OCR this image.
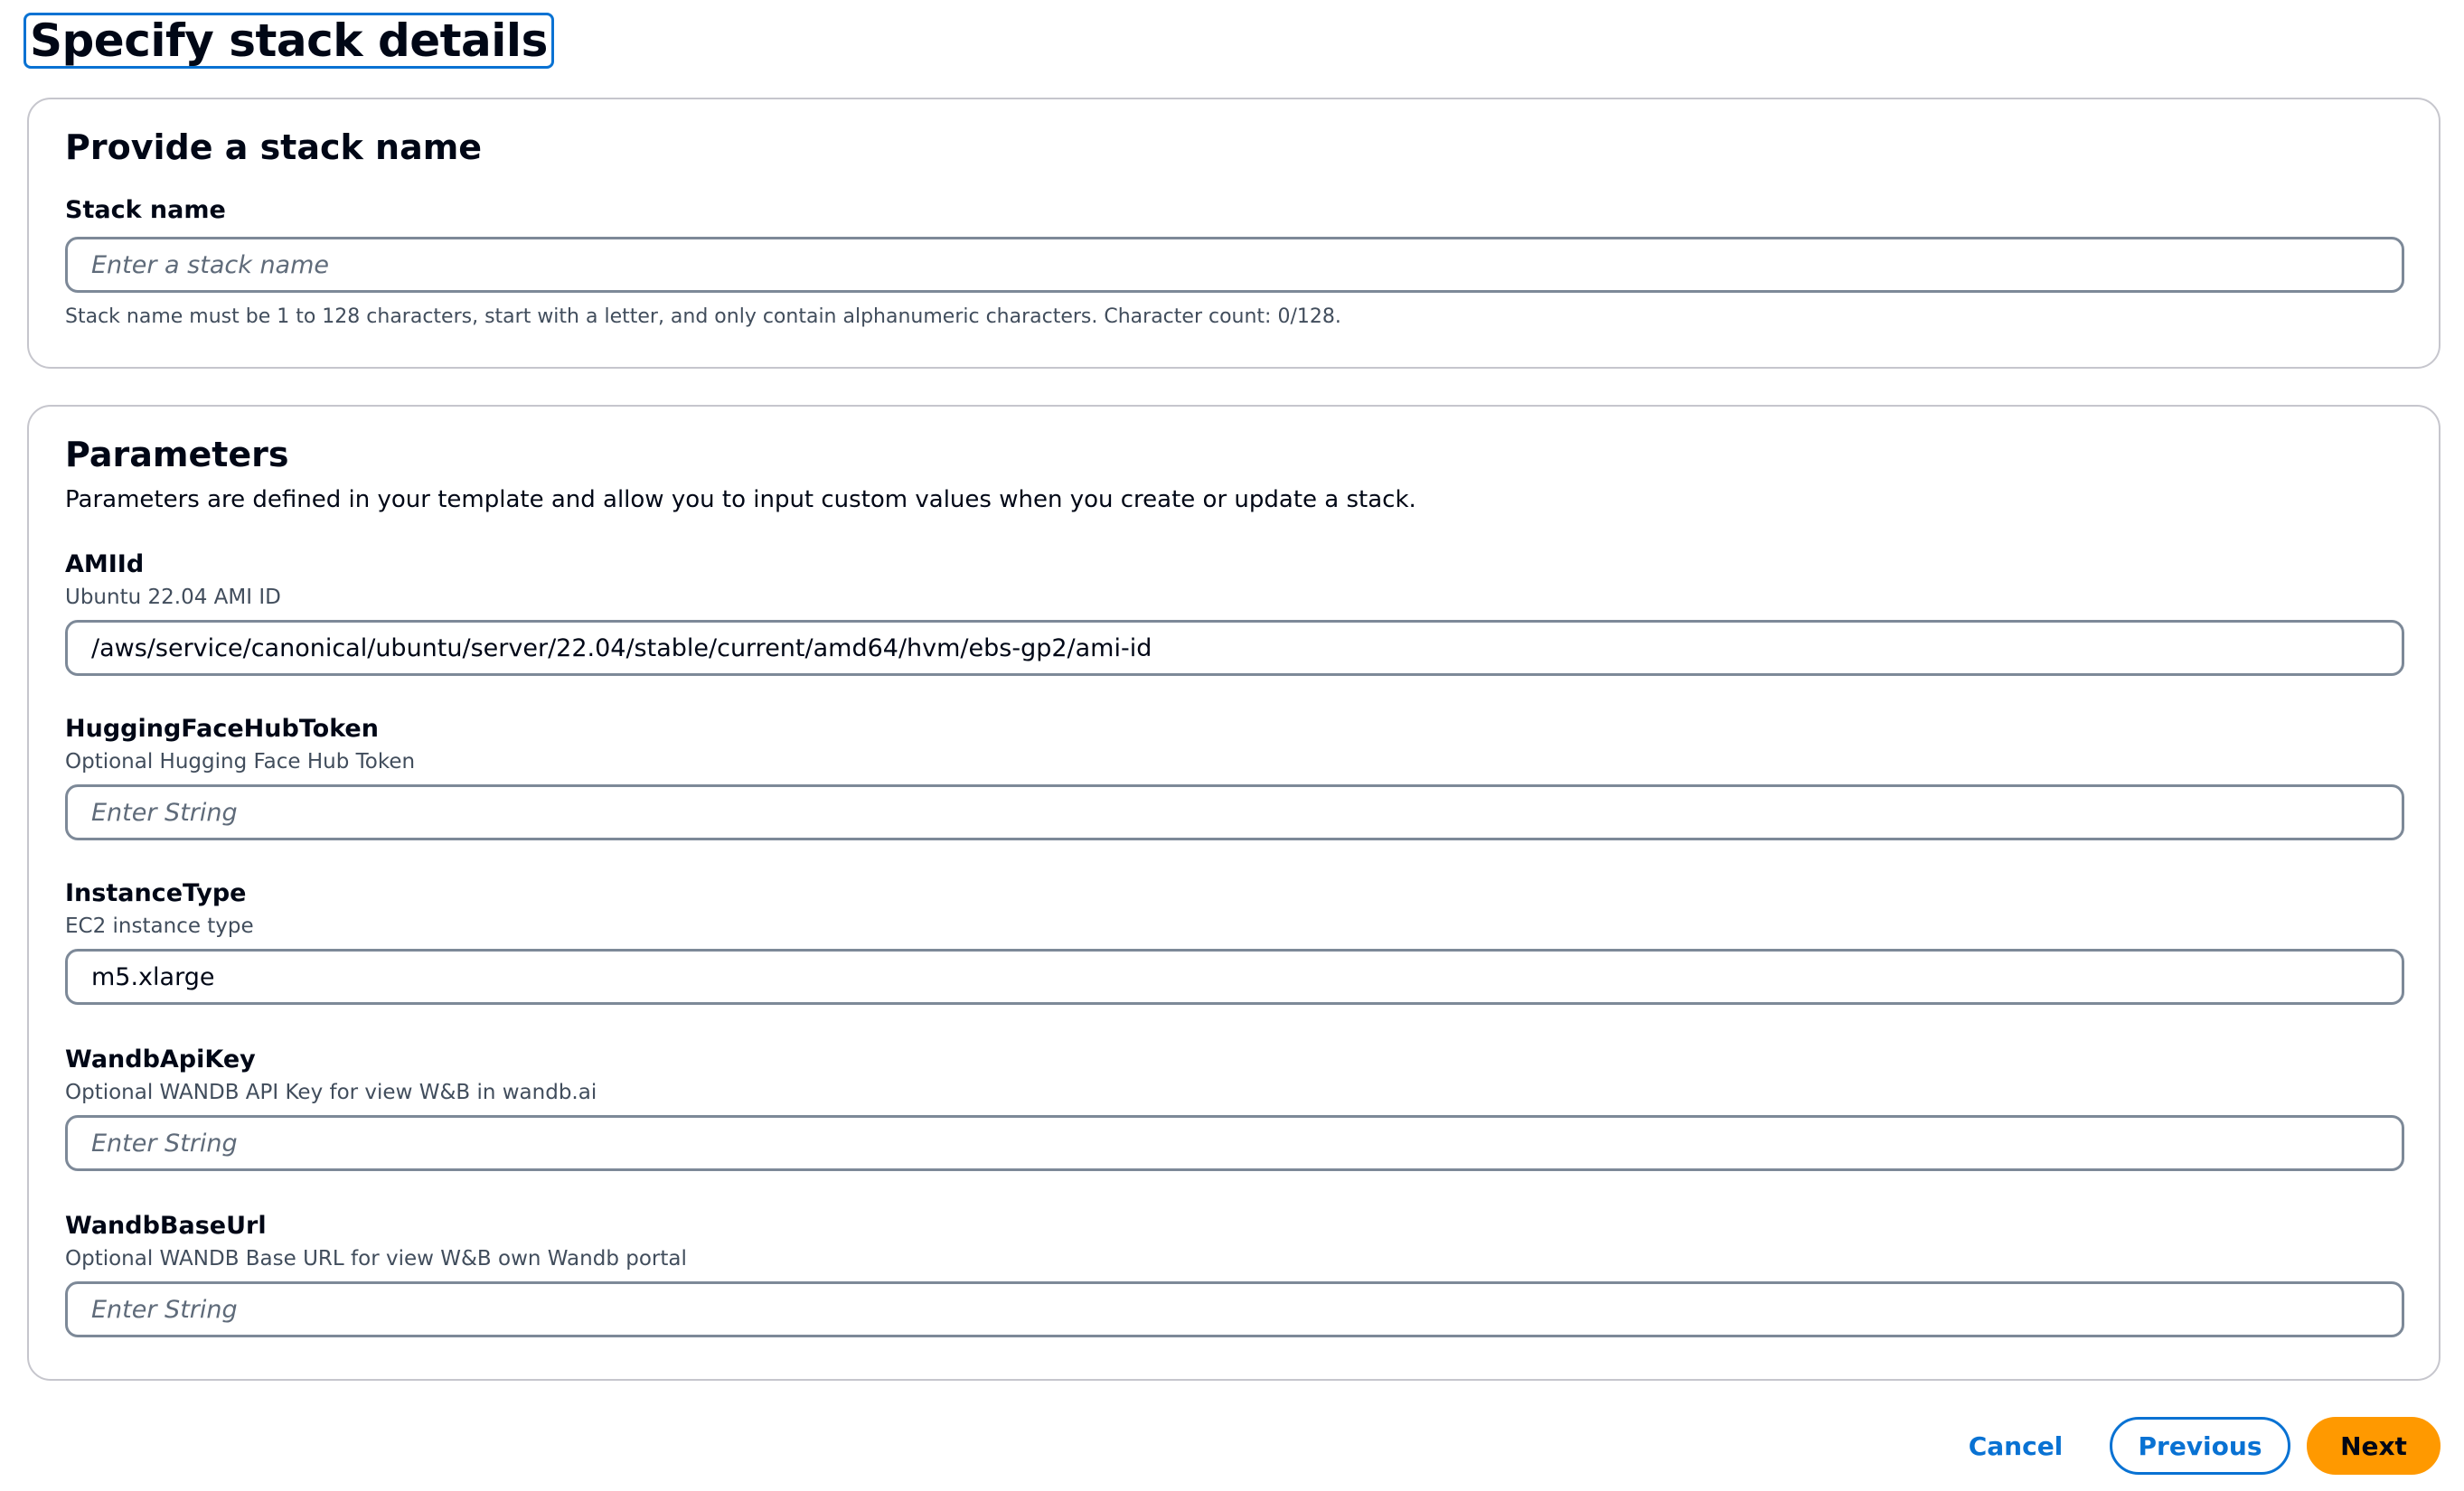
Specify stack details
Provide a stack name
Stack name
Enter a stack name
Stack name must be 1 to 128 characters, start with a letter, and only contain alphanumeric characters. Character count: 0/128.
Parameters
Parameters are defined in your template and allow you to input custom values when you create or update a stack.
AMIId
Ubuntu 22.04 AMI ID
/aws/service/canonical/ubuntu/server/22.04/stable/current/amd64/hvm/ebs-gp2/ami-id
HuggingFaceHubToken
Optional Hugging Face Hub Token
Enter String
InstanceType
EC2 instance type
m5.xlarge
WandbApiKey
Optional WANDB API Key for view W&B in wandb.ai
Enter String
WandbBaseUrl
Optional WANDB Base URL for view W&B own Wandb portal
Enter String
Cancel	Previous	Next
